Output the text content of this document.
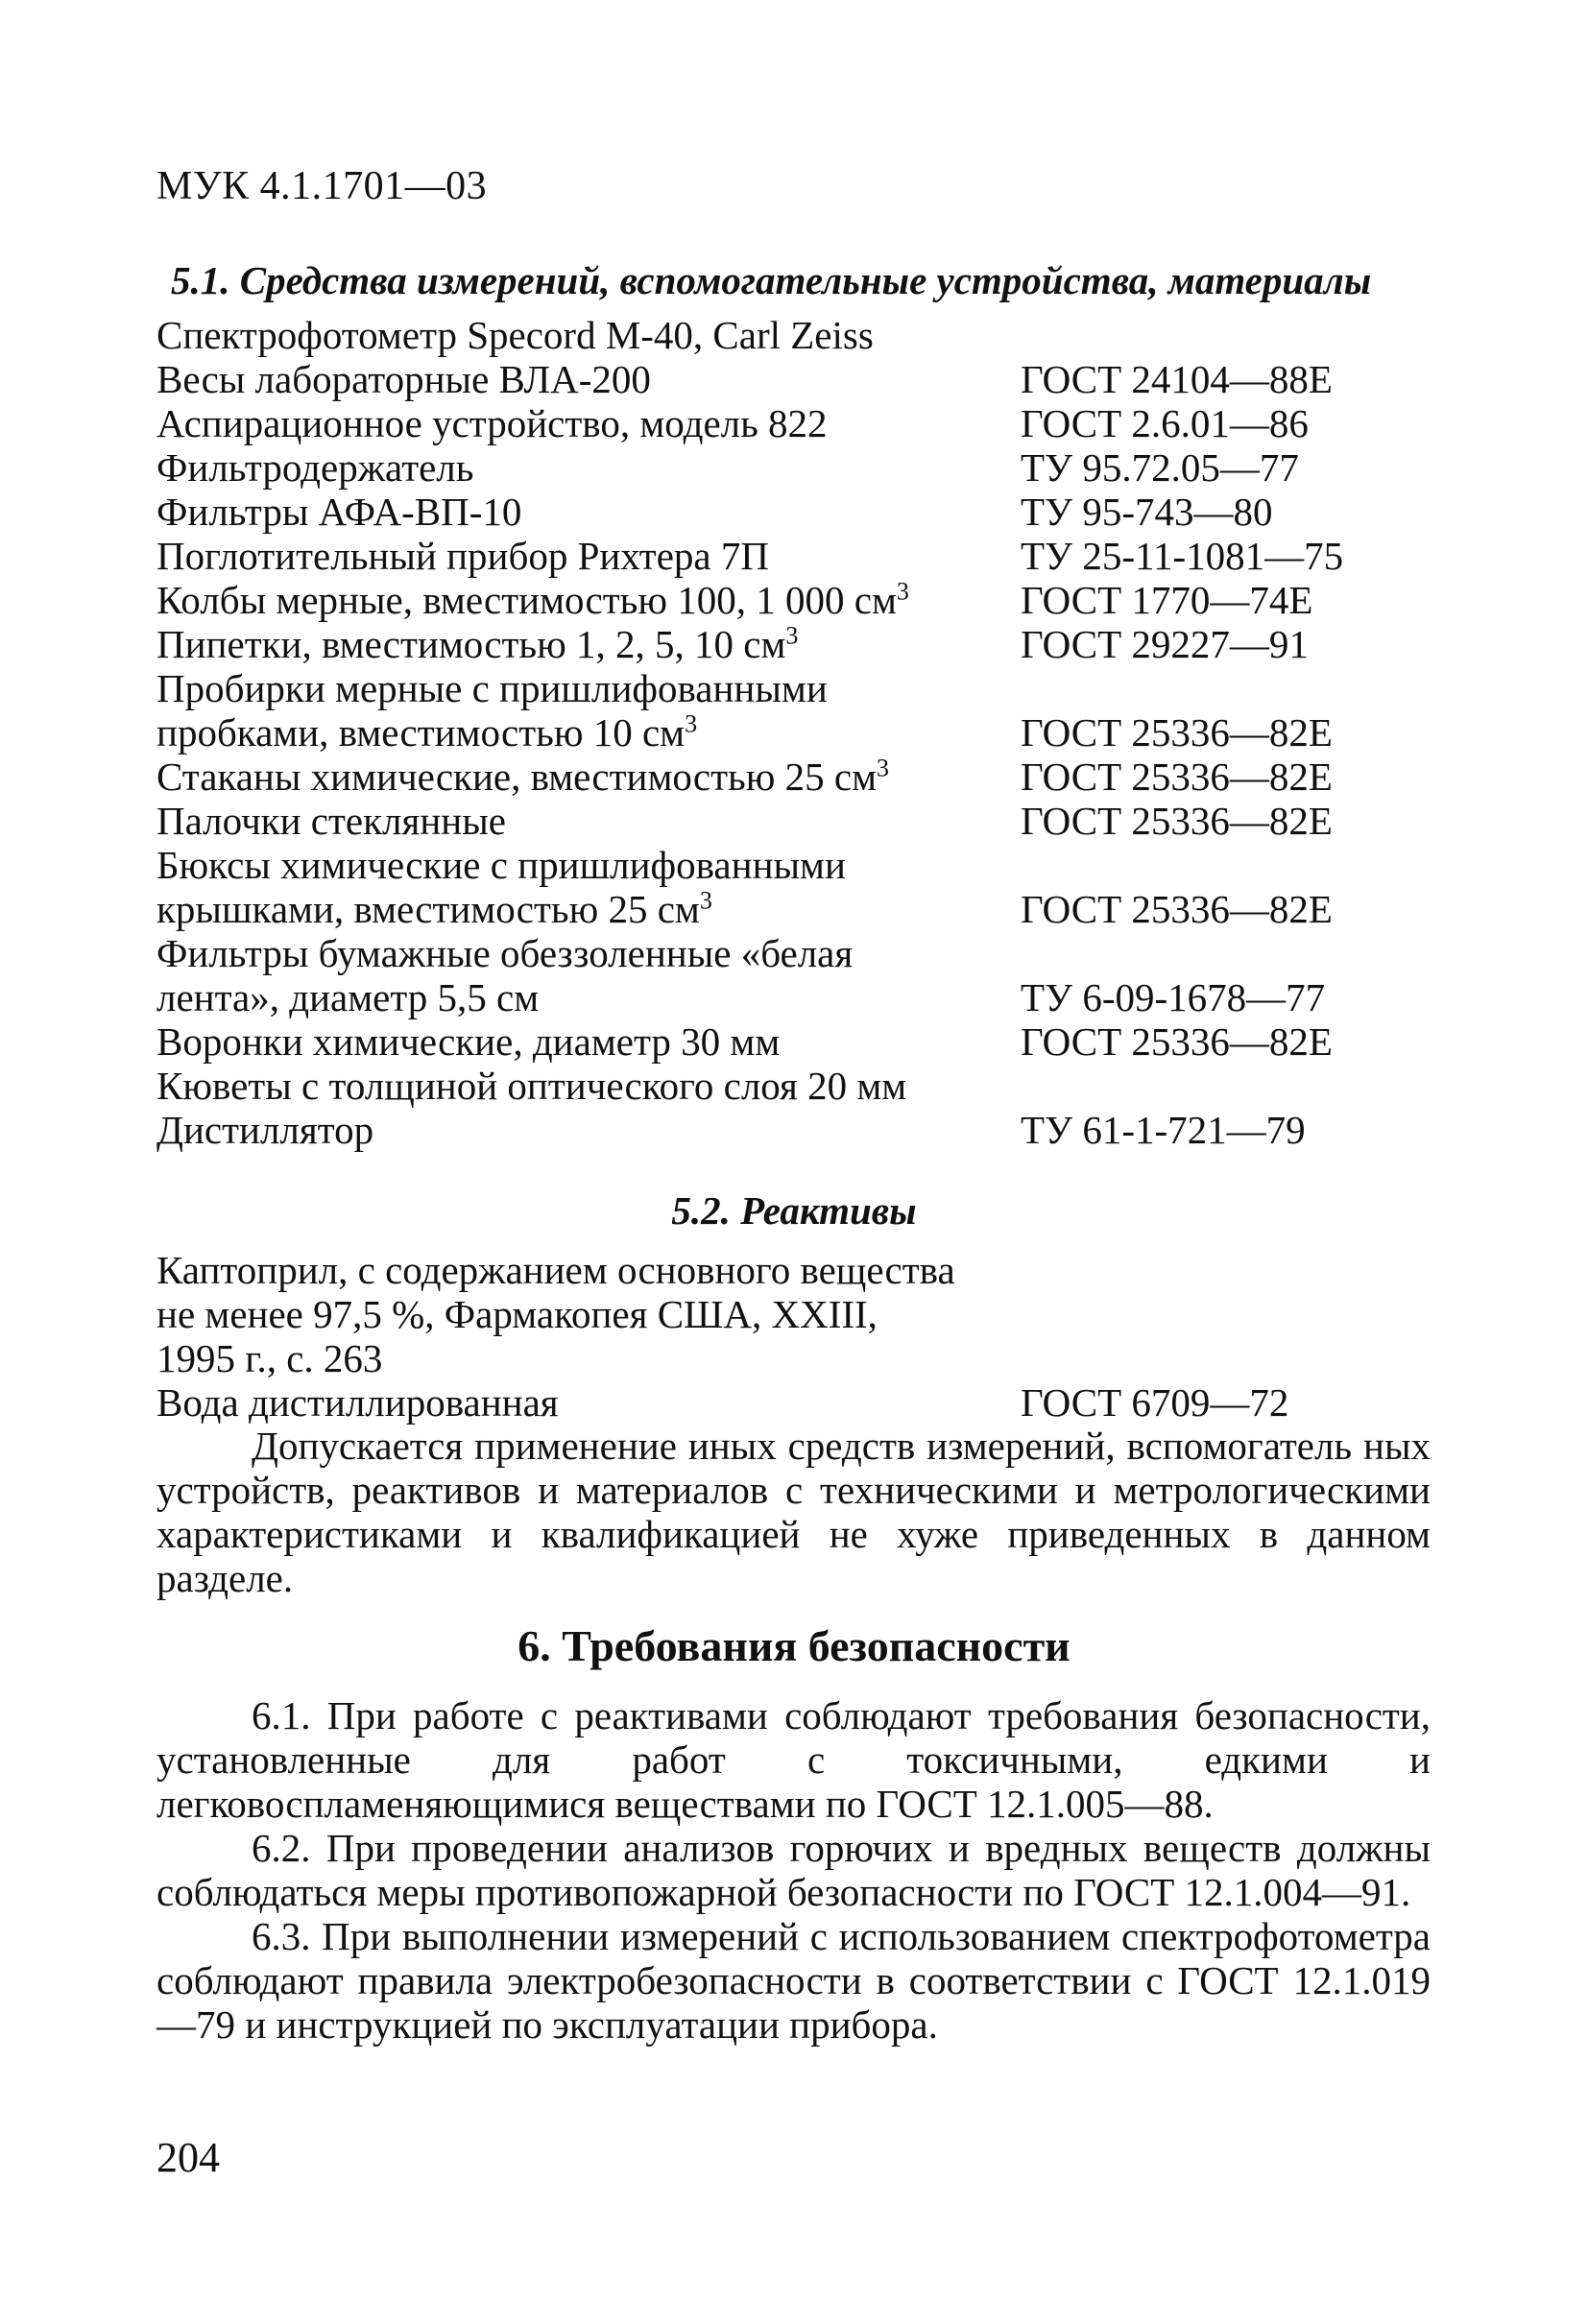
МУК 4.1.1701—03
5.1. Средства измерений, вспомогательные устройства, материалы
Спектрофотометр Specord M-40, Carl Zeiss
Весы лабораторные ВЛА-200	ГОСТ 24104—88Е
Аспирационное устройство, модель 822	ГОСТ 2.6.01—86
Фильтродержатель	ТУ 95.72.05—77
Фильтры АФА-ВП-10	ТУ 95-743—80
Поглотительный прибор Рихтера 7П	ТУ 25-11-1081—75
Колбы мерные, вместимостью 100, 1 000 $см^3$	ГОСТ 1770—74Е
Пипетки, вместимостью 1, 2, 5, 10 $см^3$	ГОСТ 29227—91
Пробирки мерные с пришлифованными
пробками, вместимостью 10 $см^3$	ГОСТ 25336—82Е
Стаканы химические, вместимостью 25 $см^3$	ГОСТ 25336—82Е
Палочки стеклянные	ГОСТ 25336—82Е
Бюксы химические с пришлифованными
крышками, вместимостью 25 $см^3$	ГОСТ 25336—82Е
Фильтры бумажные обеззоленные «белая
лента», диаметр 5,5 см	ТУ 6-09-1678—77
Воронки химические, диаметр 30 мм	ГОСТ 25336—82Е
Кюветы с толщиной оптического слоя 20 мм
Дистиллятор	ТУ 61-1-721—79
5.2. Реактивы
Каптоприл, с содержанием основного вещества
не менее 97,5 %, Фармакопея США, XXIII,
1995 г., с. 263
Вода дистиллированная	ГОСТ 6709—72
Допускается применение иных средств измерений, вспомогатель ных устройств, реактивов и материалов с техническими и метрологическими характеристиками и квалификацией не хуже приведенных в данном разделе.
6. Требования безопасности
6.1. При работе с реактивами соблюдают требования безопасности, установленные для работ с токсичными, едкими и легковоспламеняющимися веществами по ГОСТ 12.1.005—88.
6.2. При проведении анализов горючих и вредных веществ должны соблюдаться меры противопожарной безопасности по ГОСТ 12.1.004—91.
6.3. При выполнении измерений с использованием спектрофотометра соблюдают правила электробезопасности в соответствии с ГОСТ 12.1.019—79 и инструкцией по эксплуатации прибора.
204
